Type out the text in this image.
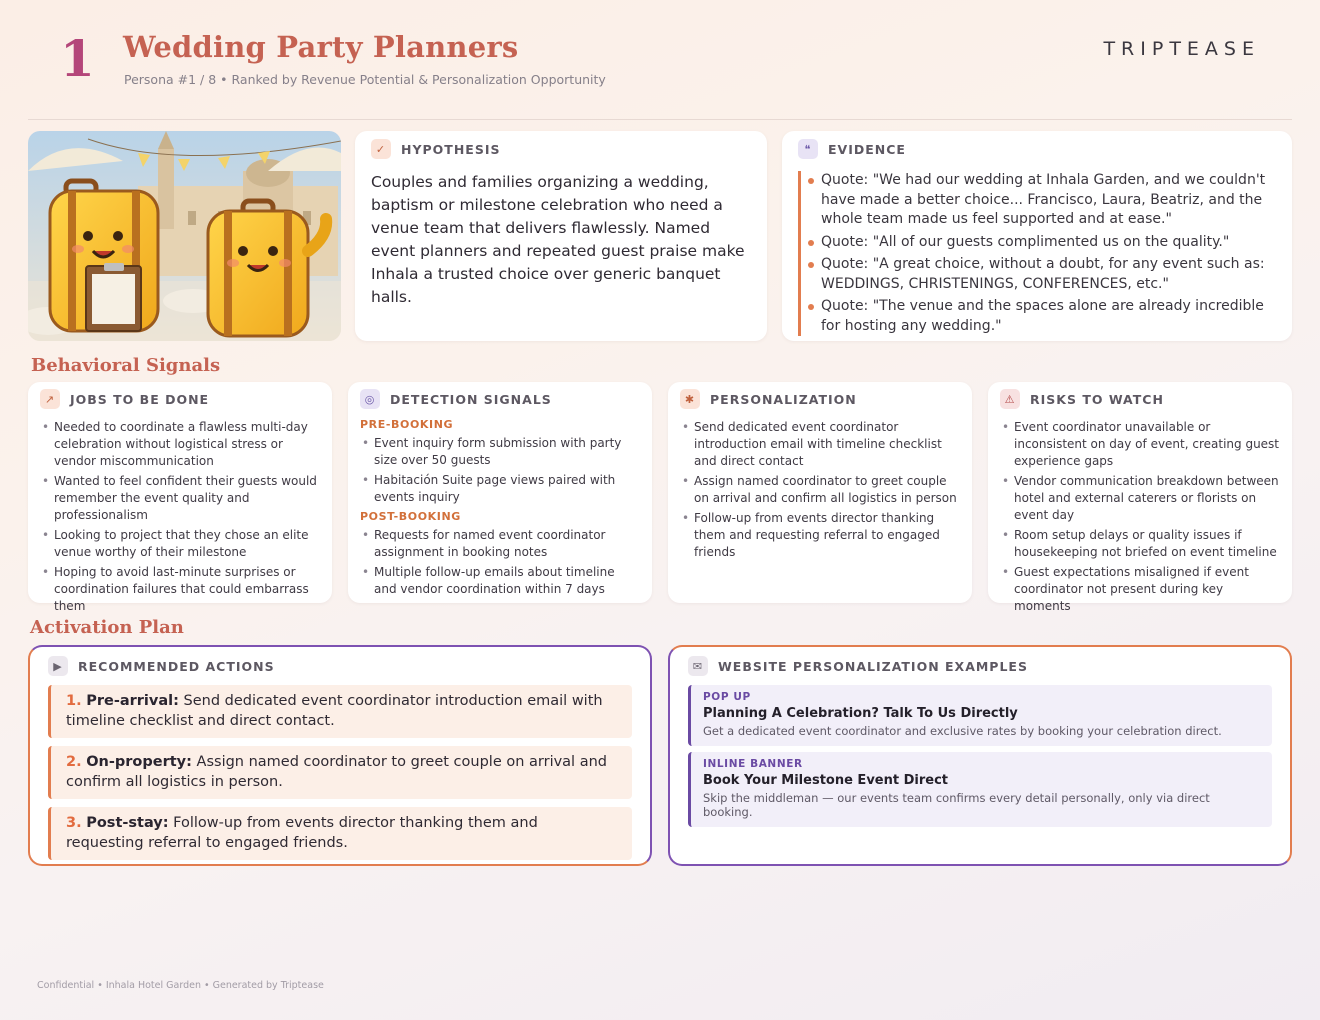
1 Wedding Party Planners
Persona #1 / 8 • Ranked by Revenue Potential & Personalization Opportunity
TRIPTEASE
✓	HYPOTHESIS
Couples and families organizing a wedding, baptism or milestone celebration who need a venue team that delivers flawlessly. Named event planners and repeated guest praise make Inhala a trusted choice over generic banquet halls.
❝	EVIDENCE
Quote: "We had our wedding at Inhala Garden, and we couldn't have made a better choice... Francisco, Laura, Beatriz, and the whole team made us feel supported and at ease."
Quote: "All of our guests complimented us on the quality."
Quote: "A great choice, without a doubt, for any event such as: WEDDINGS, CHRISTENINGS, CONFERENCES, etc."
Quote: "The venue and the spaces alone are already incredible for hosting any wedding."
Behavioral Signals
↗	JOBS TO BE DONE
• Needed to coordinate a flawless multi-day celebration without logistical stress or vendor miscommunication
• Wanted to feel confident their guests would remember the event quality and professionalism
• Looking to project that they chose an elite venue worthy of their milestone
• Hoping to avoid last-minute surprises or coordination failures that could embarrass them
◎	DETECTION SIGNALS
PRE-BOOKING
• Event inquiry form submission with party size over 50 guests
• Habitación Suite page views paired with events inquiry
POST-BOOKING
• Requests for named event coordinator assignment in booking notes
• Multiple follow-up emails about timeline and vendor coordination within 7 days
✱	PERSONALIZATION
• Send dedicated event coordinator introduction email with timeline checklist and direct contact
• Assign named coordinator to greet couple on arrival and confirm all logistics in person
• Follow-up from events director thanking them and requesting referral to engaged friends
⚠	RISKS TO WATCH
• Event coordinator unavailable or inconsistent on day of event, creating guest experience gaps
• Vendor communication breakdown between hotel and external caterers or florists on event day
• Room setup delays or quality issues if housekeeping not briefed on event timeline
• Guest expectations misaligned if event coordinator not present during key moments
Activation Plan
▶	RECOMMENDED ACTIONS
1. Pre-arrival: Send dedicated event coordinator introduction email with timeline checklist and direct contact.
2. On-property: Assign named coordinator to greet couple on arrival and confirm all logistics in person.
3. Post-stay: Follow-up from events director thanking them and requesting referral to engaged friends.
✉	WEBSITE PERSONALIZATION EXAMPLES
POP UP
Planning A Celebration? Talk To Us Directly
Get a dedicated event coordinator and exclusive rates by booking your celebration direct.
INLINE BANNER
Book Your Milestone Event Direct
Skip the middleman — our events team confirms every detail personally, only via direct booking.
Confidential • Inhala Hotel Garden • Generated by Triptease
